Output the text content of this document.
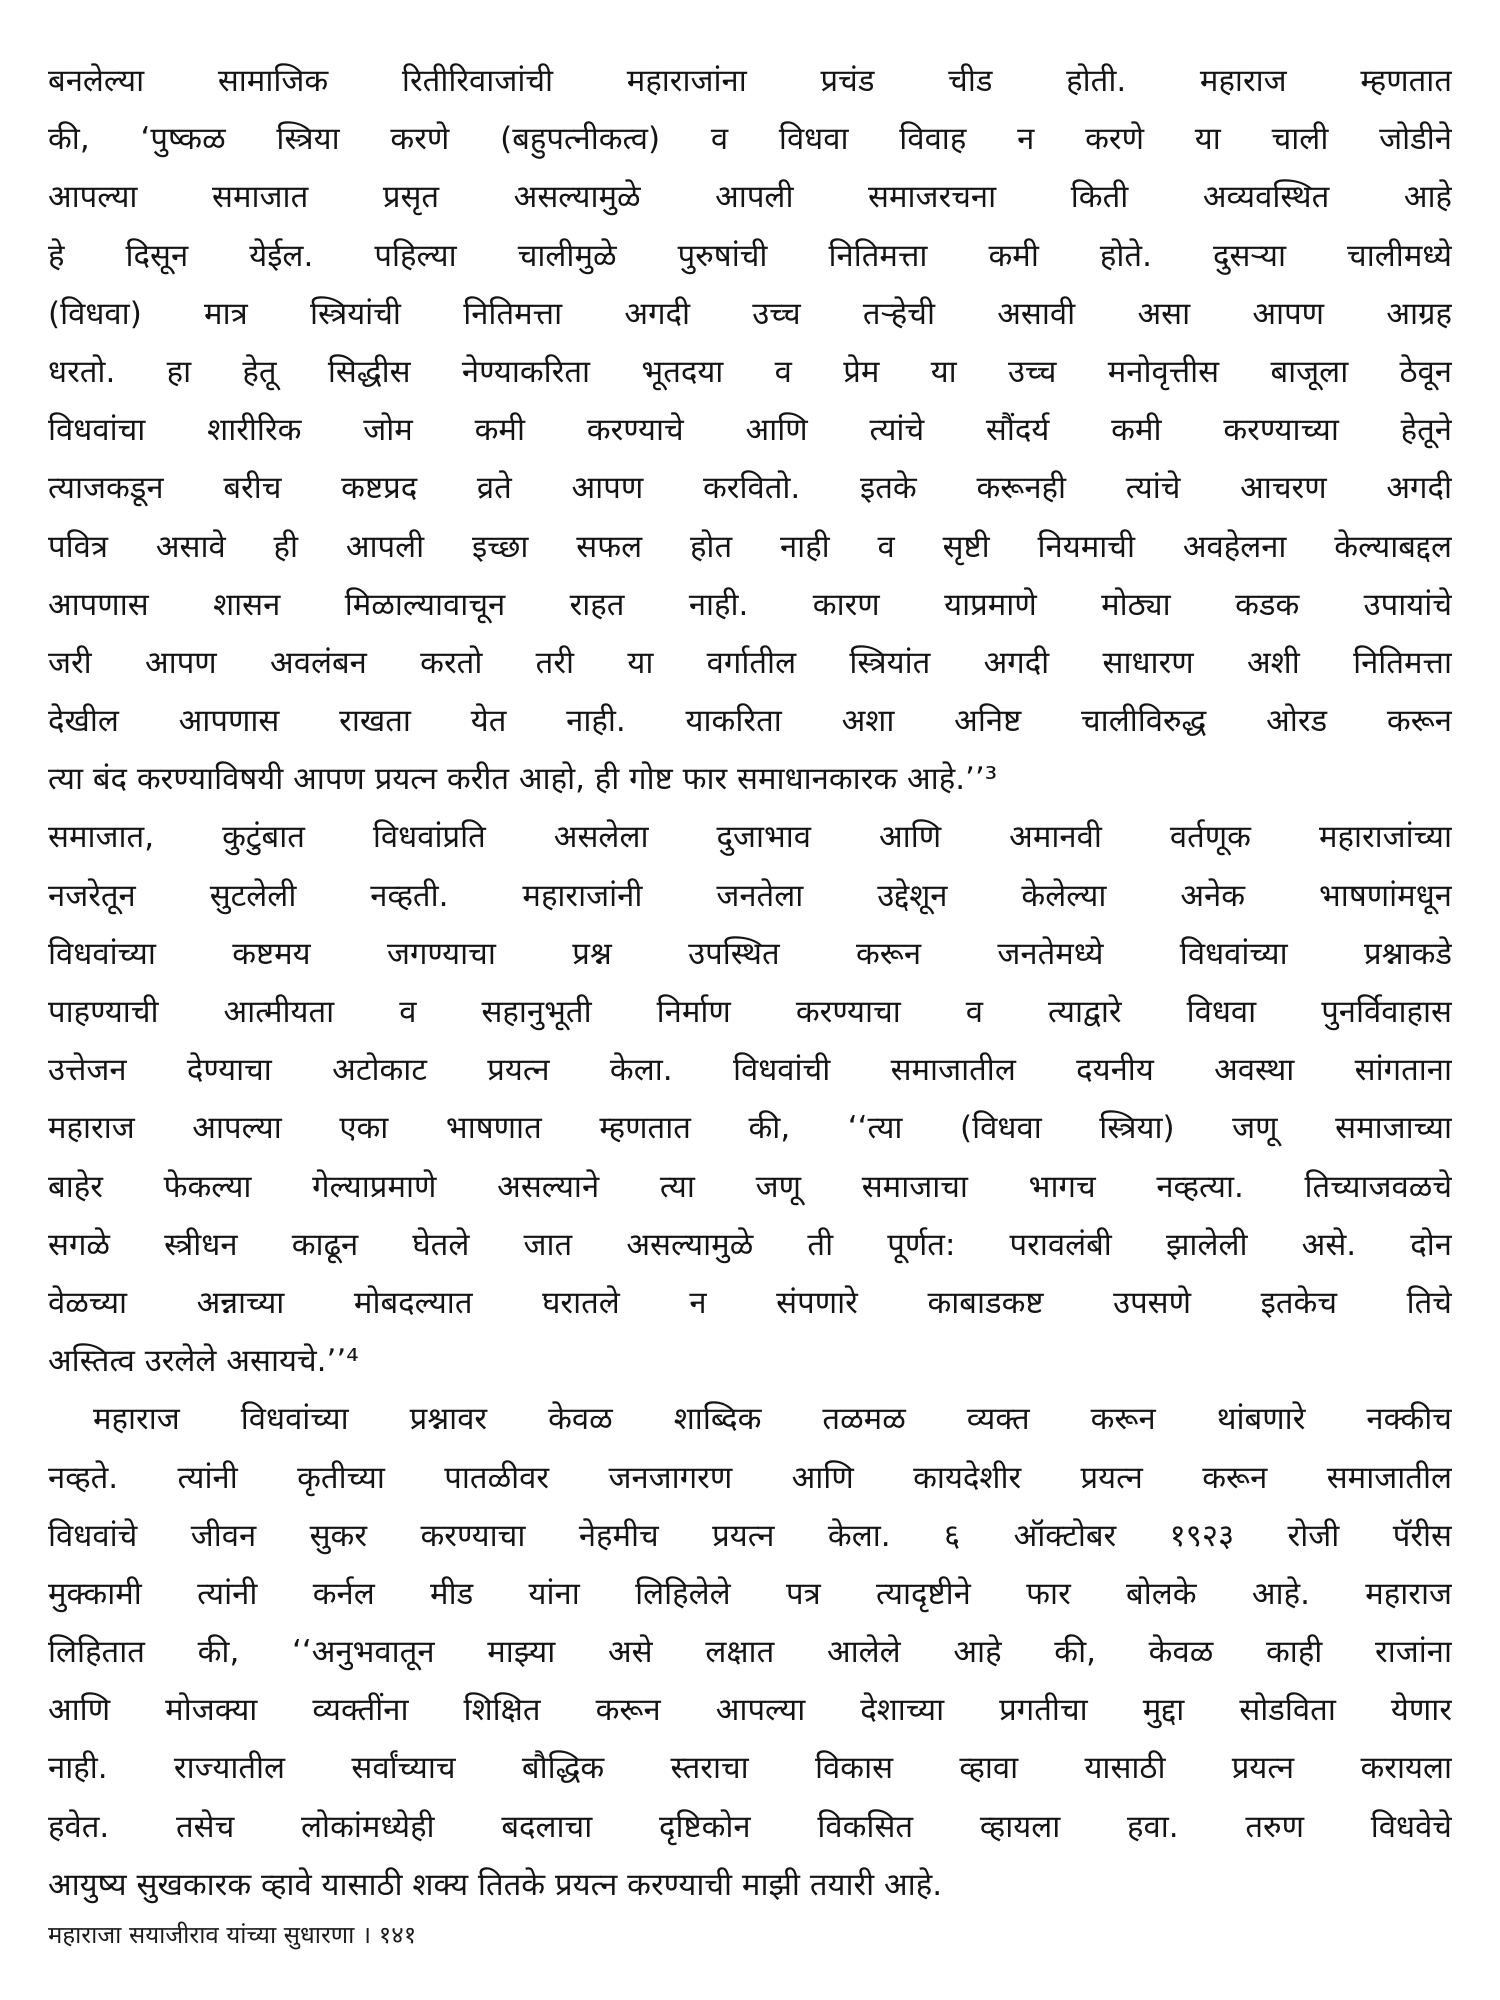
बनलेल्या सामाजिक रितीरिवाजांची महाराजांना प्रचंड चीड होती. महाराज म्हणतात
की, ‘पुष्कळ स्त्रिया करणे (बहुपत्नीकत्व) व विधवा विवाह न करणे या चाली जोडीने
आपल्या समाजात प्रसृत असल्यामुळे आपली समाजरचना किती अव्यवस्थित आहे
हे दिसून येईल. पहिल्या चालीमुळे पुरुषांची नितिमत्ता कमी होते. दुसऱ्या चालीमध्ये
(विधवा) मात्र स्त्रियांची नितिमत्ता अगदी उच्च तऱ्हेची असावी असा आपण आग्रह
धरतो. हा हेतू सिद्धीस नेण्याकरिता भूतदया व प्रेम या उच्च मनोवृत्तीस बाजूला ठेवून
विधवांचा शारीरिक जोम कमी करण्याचे आणि त्यांचे सौंदर्य कमी करण्याच्या हेतूने
त्याजकडून बरीच कष्टप्रद व्रते आपण करवितो. इतके करूनही त्यांचे आचरण अगदी
पवित्र असावे ही आपली इच्छा सफल होत नाही व सृष्टी नियमाची अवहेलना केल्याबद्दल
आपणास शासन मिळाल्यावाचून राहत नाही. कारण याप्रमाणे मोठ्या कडक उपायांचे
जरी आपण अवलंबन करतो तरी या वर्गातील स्त्रियांत अगदी साधारण अशी नितिमत्ता
देखील आपणास राखता येत नाही. याकरिता अशा अनिष्ट चालीविरुद्ध ओरड करून
त्या बंद करण्याविषयी आपण प्रयत्न करीत आहो, ही गोष्ट फार समाधानकारक आहे.’’³
समाजात, कुटुंबात विधवांप्रति असलेला दुजाभाव आणि अमानवी वर्तणूक महाराजांच्या
नजरेतून सुटलेली नव्हती. महाराजांनी जनतेला उद्देशून केलेल्या अनेक भाषणांमधून
विधवांच्या कष्टमय जगण्याचा प्रश्न उपस्थित करून जनतेमध्ये विधवांच्या प्रश्नाकडे
पाहण्याची आत्मीयता व सहानुभूती निर्माण करण्याचा व त्याद्वारे विधवा पुनर्विवाहास
उत्तेजन देण्याचा अटोकाट प्रयत्न केला. विधवांची समाजातील दयनीय अवस्था सांगताना
महाराज आपल्या एका भाषणात म्हणतात की, ‘‘त्या (विधवा स्त्रिया) जणू समाजाच्या
बाहेर फेकल्या गेल्याप्रमाणे असल्याने त्या जणू समाजाचा भागच नव्हत्या. तिच्याजवळचे
सगळे स्त्रीधन काढून घेतले जात असल्यामुळे ती पूर्णत: परावलंबी झालेली असे. दोन
वेळच्या अन्नाच्या मोबदल्यात घरातले न संपणारे काबाडकष्ट उपसणे इतकेच तिचे
अस्तित्व उरलेले असायचे.’’⁴
महाराज विधवांच्या प्रश्नावर केवळ शाब्दिक तळमळ व्यक्त करून थांबणारे नक्कीच
नव्हते. त्यांनी कृतीच्या पातळीवर जनजागरण आणि कायदेशीर प्रयत्न करून समाजातील
विधवांचे जीवन सुकर करण्याचा नेहमीच प्रयत्न केला. ६ ऑक्टोबर १९२३ रोजी पॅरीस
मुक्कामी त्यांनी कर्नल मीड यांना लिहिलेले पत्र त्यादृष्टीने फार बोलके आहे. महाराज
लिहितात की, ‘‘अनुभवातून माझ्या असे लक्षात आलेले आहे की, केवळ काही राजांना
आणि मोजक्या व्यक्तींना शिक्षित करून आपल्या देशाच्या प्रगतीचा मुद्दा सोडविता येणार
नाही. राज्यातील सर्वांच्याच बौद्धिक स्तराचा विकास व्हावा यासाठी प्रयत्न करायला
हवेत. तसेच लोकांमध्येही बदलाचा दृष्टिकोन विकसित व्हायला हवा. तरुण विधवेचे
आयुष्य सुखकारक व्हावे यासाठी शक्य तितके प्रयत्न करण्याची माझी तयारी आहे.
महाराजा सयाजीराव यांच्या सुधारणा । १४१
